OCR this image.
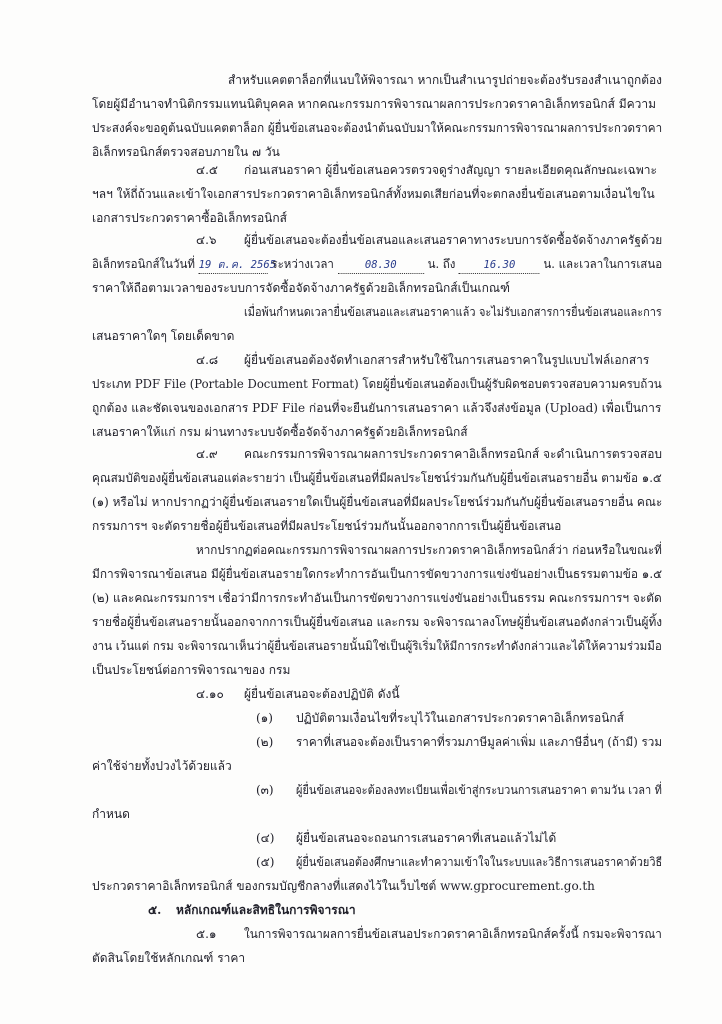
สำหรับแคตตาล็อกที่แนบให้พิจารณา หากเป็นสำเนารูปถ่ายจะต้องรับรองสำเนาถูกต้อง
โดยผู้มีอำนาจทำนิติกรรมแทนนิติบุคคล หากคณะกรรมการพิจารณาผลการประกวดราคาอิเล็กทรอนิกส์ มีความ
ประสงค์จะขอดูต้นฉบับแคตตาล็อก ผู้ยื่นข้อเสนอจะต้องนำต้นฉบับมาให้คณะกรรมการพิจารณาผลการประกวดราคา
อิเล็กทรอนิกส์ตรวจสอบภายใน ๗ วัน
๔.๕ ก่อนเสนอราคา ผู้ยื่นข้อเสนอควรตรวจดูร่างสัญญา รายละเอียดคุณลักษณะเฉพาะ
ฯลฯ ให้ถี่ถ้วนและเข้าใจเอกสารประกวดราคาอิเล็กทรอนิกส์ทั้งหมดเสียก่อนที่จะตกลงยื่นข้อเสนอตามเงื่อนไขใน
เอกสารประกวดราคาซื้ออิเล็กทรอนิกส์
๔.๖ ผู้ยื่นข้อเสนอจะต้องยื่นข้อเสนอและเสนอราคาทางระบบการจัดซื้อจัดจ้างภาครัฐด้วย
อิเล็กทรอนิกส์ในวันที่ 19 ต.ค. 2565 ระหว่างเวลา	08.30	น. ถึง	16.30 น. และเวลาในการเสนอ
ราคาให้ถือตามเวลาของระบบการจัดซื้อจัดจ้างภาครัฐด้วยอิเล็กทรอนิกส์เป็นเกณฑ์
เมื่อพ้นกำหนดเวลายื่นข้อเสนอและเสนอราคาแล้ว จะไม่รับเอกสารการยื่นข้อเสนอและการ
เสนอราคาใดๆ โดยเด็ดขาด
๔.๘ ผู้ยื่นข้อเสนอต้องจัดทำเอกสารสำหรับใช้ในการเสนอราคาในรูปแบบไฟล์เอกสาร
ประเภท PDF File (Portable Document Format) โดยผู้ยื่นข้อเสนอต้องเป็นผู้รับผิดชอบตรวจสอบความครบถ้วน
ถูกต้อง และชัดเจนของเอกสาร PDF File ก่อนที่จะยืนยันการเสนอราคา แล้วจึงส่งข้อมูล (Upload) เพื่อเป็นการ
เสนอราคาให้แก่ กรม ผ่านทางระบบจัดซื้อจัดจ้างภาครัฐด้วยอิเล็กทรอนิกส์
๔.๙ คณะกรรมการพิจารณาผลการประกวดราคาอิเล็กทรอนิกส์ จะดำเนินการตรวจสอบ
คุณสมบัติของผู้ยื่นข้อเสนอแต่ละรายว่า เป็นผู้ยื่นข้อเสนอที่มีผลประโยชน์ร่วมกันกับผู้ยื่นข้อเสนอรายอื่น ตามข้อ ๑.๕
(๑) หรือไม่ หากปรากฏว่าผู้ยื่นข้อเสนอรายใดเป็นผู้ยื่นข้อเสนอที่มีผลประโยชน์ร่วมกันกับผู้ยื่นข้อเสนอรายอื่น คณะ
กรรมการฯ จะตัดรายชื่อผู้ยื่นข้อเสนอที่มีผลประโยชน์ร่วมกันนั้นออกจากการเป็นผู้ยื่นข้อเสนอ
หากปรากฏต่อคณะกรรมการพิจารณาผลการประกวดราคาอิเล็กทรอนิกส์ว่า ก่อนหรือในขณะที่
มีการพิจารณาข้อเสนอ มีผู้ยื่นข้อเสนอรายใดกระทำการอันเป็นการขัดขวางการแข่งขันอย่างเป็นธรรมตามข้อ ๑.๕
(๒) และคณะกรรมการฯ เชื่อว่ามีการกระทำอันเป็นการขัดขวางการแข่งขันอย่างเป็นธรรม คณะกรรมการฯ จะตัด
รายชื่อผู้ยื่นข้อเสนอรายนั้นออกจากการเป็นผู้ยื่นข้อเสนอ และกรม จะพิจารณาลงโทษผู้ยื่นข้อเสนอดังกล่าวเป็นผู้ทิ้ง
งาน เว้นแต่ กรม จะพิจารณาเห็นว่าผู้ยื่นข้อเสนอรายนั้นมิใช่เป็นผู้ริเริ่มให้มีการกระทำดังกล่าวและได้ให้ความร่วมมือ
เป็นประโยชน์ต่อการพิจารณาของ กรม
๔.๑๐ ผู้ยื่นข้อเสนอจะต้องปฏิบัติ ดังนี้
(๑) ปฏิบัติตามเงื่อนไขที่ระบุไว้ในเอกสารประกวดราคาอิเล็กทรอนิกส์
(๒) ราคาที่เสนอจะต้องเป็นราคาที่รวมภาษีมูลค่าเพิ่ม และภาษีอื่นๆ (ถ้ามี) รวม
ค่าใช้จ่ายทั้งปวงไว้ด้วยแล้ว
(๓) ผู้ยื่นข้อเสนอจะต้องลงทะเบียนเพื่อเข้าสู่กระบวนการเสนอราคา ตามวัน เวลา ที่
กำหนด
(๔) ผู้ยื่นข้อเสนอจะถอนการเสนอราคาที่เสนอแล้วไม่ได้
(๕) ผู้ยื่นข้อเสนอต้องศึกษาและทำความเข้าใจในระบบและวิธีการเสนอราคาด้วยวิธี
ประกวดราคาอิเล็กทรอนิกส์ ของกรมบัญชีกลางที่แสดงไว้ในเว็บไซต์ www.gprocurement.go.th
๕. หลักเกณฑ์และสิทธิในการพิจารณา
๕.๑ ในการพิจารณาผลการยื่นข้อเสนอประกวดราคาอิเล็กทรอนิกส์ครั้งนี้ กรมจะพิจารณา
ตัดสินโดยใช้หลักเกณฑ์ ราคา
